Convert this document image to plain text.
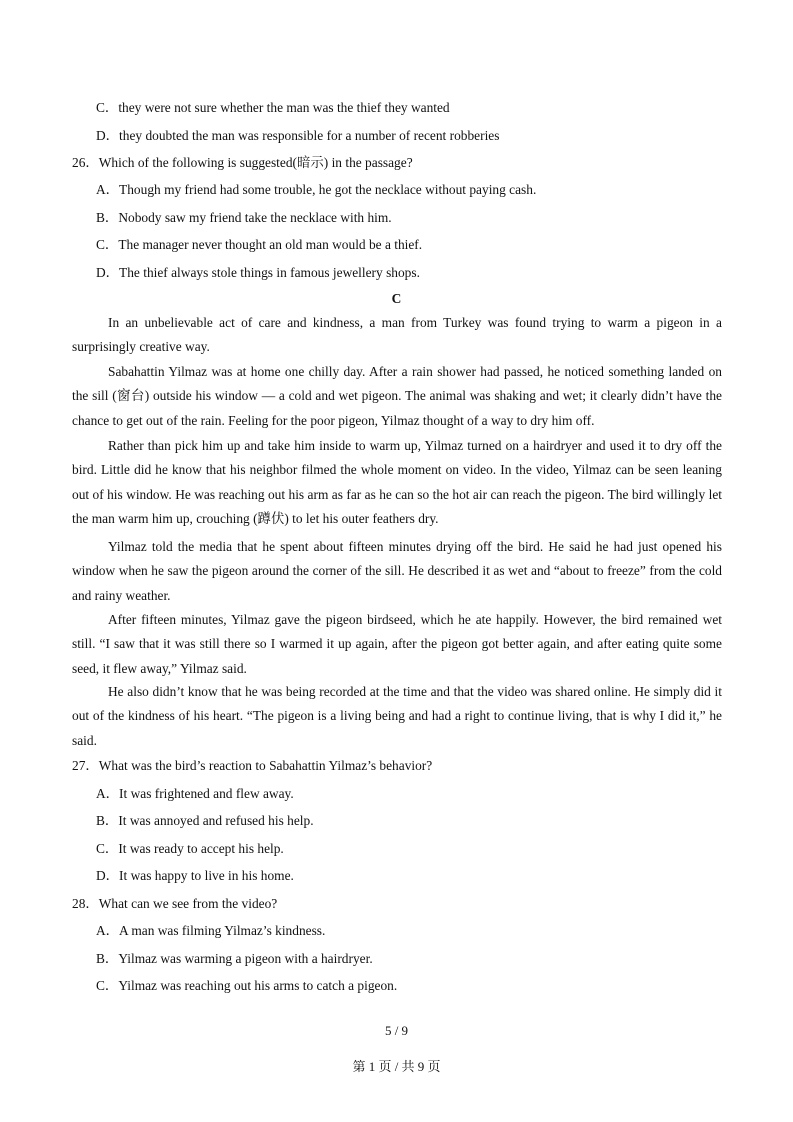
C．they were not sure whether the man was the thief they wanted
D．they doubted the man was responsible for a number of recent robberies
26．Which of the following is suggested(暗示) in the passage?
A．Though my friend had some trouble, he got the necklace without paying cash.
B．Nobody saw my friend take the necklace with him.
C．The manager never thought an old man would be a thief.
D．The thief always stole things in famous jewellery shops.
C

In an unbelievable act of care and kindness, a man from Turkey was found trying to warm a pigeon in a surprisingly creative way.

Sabahattin Yilmaz was at home one chilly day. After a rain shower had passed, he noticed something landed on the sill (窗台) outside his window — a cold and wet pigeon. The animal was shaking and wet; it clearly didn’t have the chance to get out of the rain. Feeling for the poor pigeon, Yilmaz thought of a way to dry him off.

Rather than pick him up and take him inside to warm up, Yilmaz turned on a hairdryer and used it to dry off the bird. Little did he know that his neighbor filmed the whole moment on video. In the video, Yilmaz can be seen leaning out of his window. He was reaching out his arm as far as he can so the hot air can reach the pigeon. The bird willingly let the man warm him up, crouching (蹲伏) to let his outer feathers dry.

Yilmaz told the media that he spent about fifteen minutes drying off the bird. He said he had just opened his window when he saw the pigeon around the corner of the sill. He described it as wet and “about to freeze” from the cold and rainy weather.

After fifteen minutes, Yilmaz gave the pigeon birdseed, which he ate happily. However, the bird remained wet still. “I saw that it was still there so I warmed it up again, after the pigeon got better again, and after eating quite some seed, it flew away,” Yilmaz said.

He also didn’t know that he was being recorded at the time and that the video was shared online. He simply did it out of the kindness of his heart. “The pigeon is a living being and had a right to continue living, that is why I did it,” he said.

27．What was the bird’s reaction to Sabahattin Yilmaz’s behavior?
A．It was frightened and flew away.
B．It was annoyed and refused his help.
C．It was ready to accept his help.
D．It was happy to live in his home.
28．What can we see from the video?
A．A man was filming Yilmaz’s kindness.
B．Yilmaz was warming a pigeon with a hairdryer.
C．Yilmaz was reaching out his arms to catch a pigeon.
5 / 9
第 1 页 / 共 9 页
